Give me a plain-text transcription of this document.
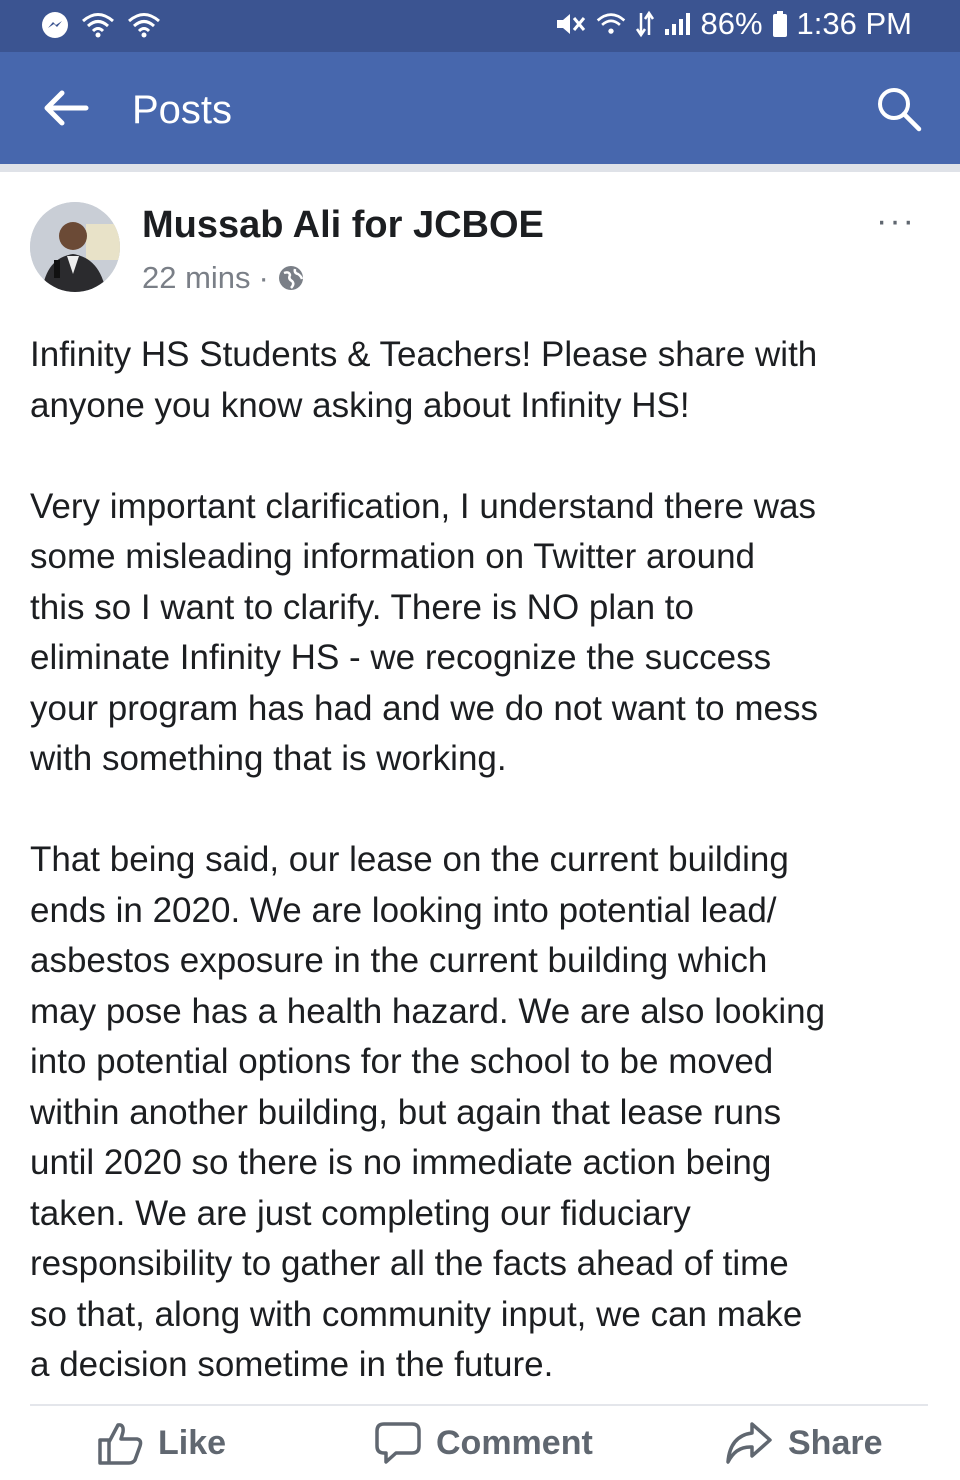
86% 1:36 PM
Posts
Mussab Ali for JCBOE
22 mins ·
···

Infinity HS Students & Teachers! Please share with
anyone you know asking about Infinity HS!

Very important clarification, I understand there was
some misleading information on Twitter around
this so I want to clarify. There is NO plan to
eliminate Infinity HS - we recognize the success
your program has had and we do not want to mess
with something that is working.

That being said, our lease on the current building
ends in 2020. We are looking into potential lead/
asbestos exposure in the current building which
may pose has a health hazard. We are also looking
into potential options for the school to be moved
within another building, but again that lease runs
until 2020 so there is no immediate action being
taken. We are just completing our fiduciary
responsibility to gather all the facts ahead of time
so that, along with community input, we can make
a decision sometime in the future.

Like	Comment	Share
